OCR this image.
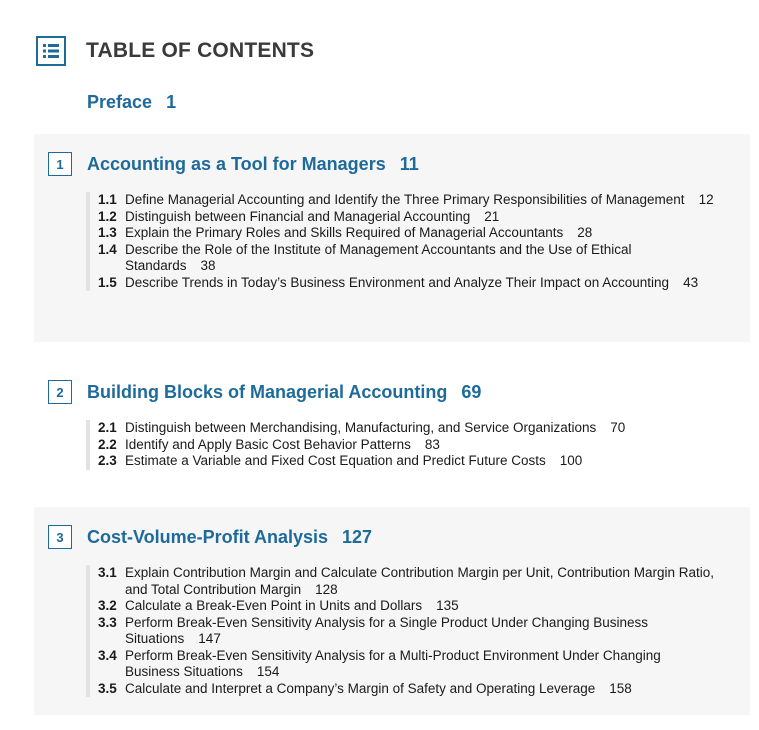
TABLE OF CONTENTS
Preface 1
1	Accounting as a Tool for Managers 11
1.1 Define Managerial Accounting and Identify the Three Primary Responsibilities of Management 12
1.2 Distinguish between Financial and Managerial Accounting 21
1.3 Explain the Primary Roles and Skills Required of Managerial Accountants 28
1.4 Describe the Role of the Institute of Management Accountants and the Use of Ethical Standards 38
1.5 Describe Trends in Today’s Business Environment and Analyze Their Impact on Accounting 43
2	Building Blocks of Managerial Accounting 69
2.1 Distinguish between Merchandising, Manufacturing, and Service Organizations 70
2.2 Identify and Apply Basic Cost Behavior Patterns 83
2.3 Estimate a Variable and Fixed Cost Equation and Predict Future Costs 100
3	Cost-Volume-Profit Analysis 127
3.1 Explain Contribution Margin and Calculate Contribution Margin per Unit, Contribution Margin Ratio, and Total Contribution Margin 128
3.2 Calculate a Break-Even Point in Units and Dollars 135
3.3 Perform Break-Even Sensitivity Analysis for a Single Product Under Changing Business Situations 147
3.4 Perform Break-Even Sensitivity Analysis for a Multi-Product Environment Under Changing Business Situations 154
3.5 Calculate and Interpret a Company’s Margin of Safety and Operating Leverage 158
